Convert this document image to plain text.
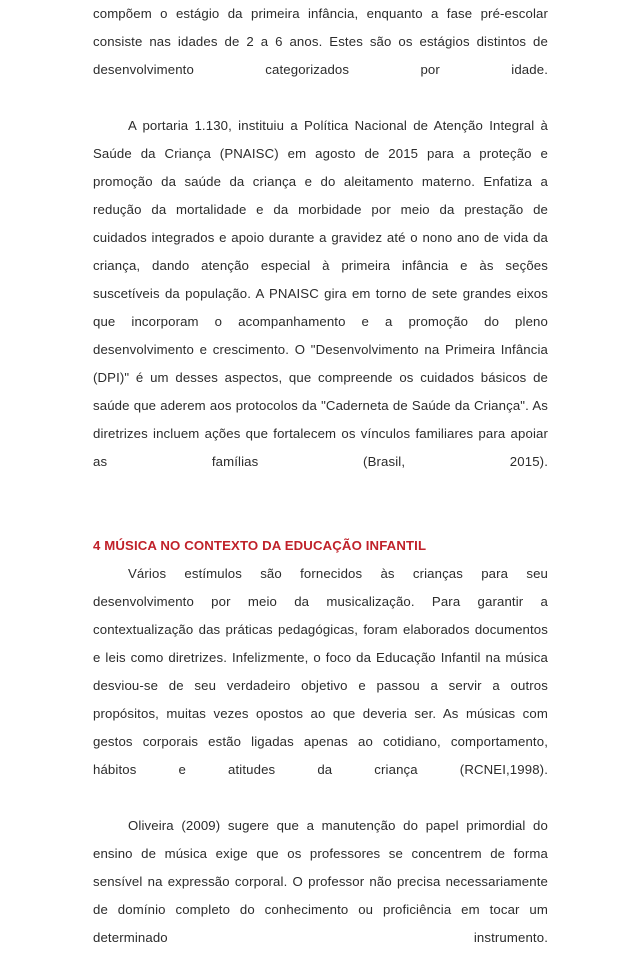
compõem o estágio da primeira infância, enquanto a fase pré-escolar consiste nas idades de 2 a 6 anos. Estes são os estágios distintos de desenvolvimento categorizados por idade.

A portaria 1.130, instituiu a Política Nacional de Atenção Integral à Saúde da Criança (PNAISC) em agosto de 2015 para a proteção e promoção da saúde da criança e do aleitamento materno. Enfatiza a redução da mortalidade e da morbidade por meio da prestação de cuidados integrados e apoio durante a gravidez até o nono ano de vida da criança, dando atenção especial à primeira infância e às seções suscetíveis da população. A PNAISC gira em torno de sete grandes eixos que incorporam o acompanhamento e a promoção do pleno desenvolvimento e crescimento. O "Desenvolvimento na Primeira Infância (DPI)" é um desses aspectos, que compreende os cuidados básicos de saúde que aderem aos protocolos da "Caderneta de Saúde da Criança". As diretrizes incluem ações que fortalecem os vínculos familiares para apoiar as famílias (Brasil, 2015).

4 MÚSICA NO CONTEXTO DA EDUCAÇÃO INFANTIL

Vários estímulos são fornecidos às crianças para seu desenvolvimento por meio da musicalização. Para garantir a contextualização das práticas pedagógicas, foram elaborados documentos e leis como diretrizes. Infelizmente, o foco da Educação Infantil na música desviou-se de seu verdadeiro objetivo e passou a servir a outros propósitos, muitas vezes opostos ao que deveria ser. As músicas com gestos corporais estão ligadas apenas ao cotidiano, comportamento, hábitos e atitudes da criança (RCNEI,1998).

Oliveira (2009) sugere que a manutenção do papel primordial do ensino de música exige que os professores se concentrem de forma sensível na expressão corporal. O professor não precisa necessariamente de domínio completo do conhecimento ou proficiência em tocar um determinado instrumento.
